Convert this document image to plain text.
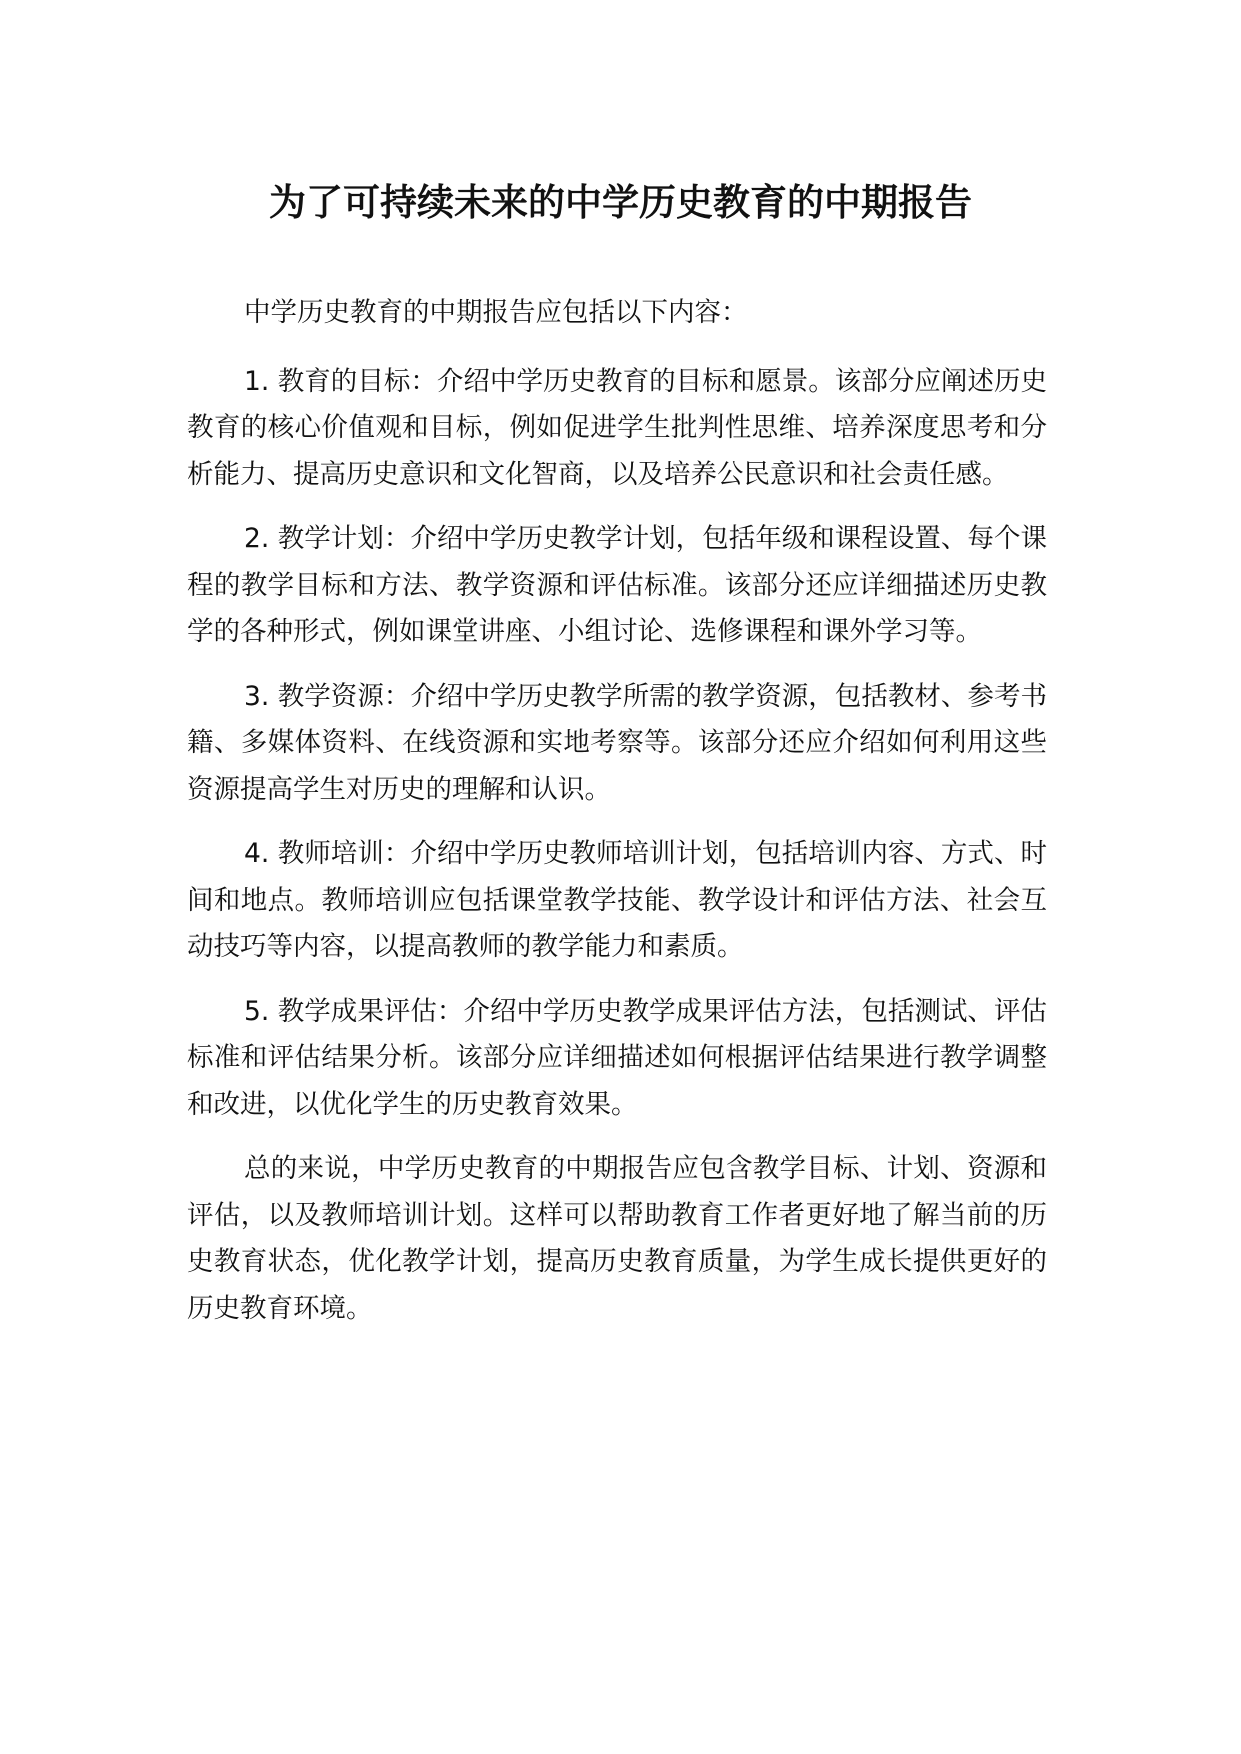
为了可持续未来的中学历史教育的中期报告

中学历史教育的中期报告应包括以下内容：

1. 教育的目标：介绍中学历史教育的目标和愿景。该部分应阐述历史教育的核心价值观和目标，例如促进学生批判性思维、培养深度思考和分析能力、提高历史意识和文化智商，以及培养公民意识和社会责任感。

2. 教学计划：介绍中学历史教学计划，包括年级和课程设置、每个课程的教学目标和方法、教学资源和评估标准。该部分还应详细描述历史教学的各种形式，例如课堂讲座、小组讨论、选修课程和课外学习等。

3. 教学资源：介绍中学历史教学所需的教学资源，包括教材、参考书籍、多媒体资料、在线资源和实地考察等。该部分还应介绍如何利用这些资源提高学生对历史的理解和认识。

4. 教师培训：介绍中学历史教师培训计划，包括培训内容、方式、时间和地点。教师培训应包括课堂教学技能、教学设计和评估方法、社会互动技巧等内容，以提高教师的教学能力和素质。

5. 教学成果评估：介绍中学历史教学成果评估方法，包括测试、评估标准和评估结果分析。该部分应详细描述如何根据评估结果进行教学调整和改进，以优化学生的历史教育效果。

总的来说，中学历史教育的中期报告应包含教学目标、计划、资源和评估，以及教师培训计划。这样可以帮助教育工作者更好地了解当前的历史教育状态，优化教学计划，提高历史教育质量，为学生成长提供更好的历史教育环境。
